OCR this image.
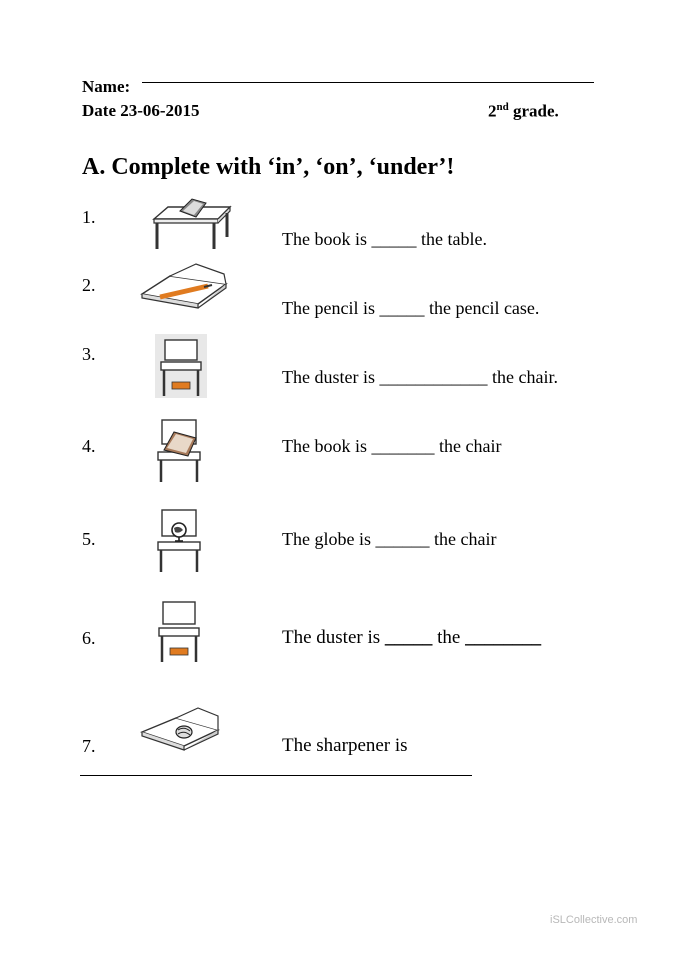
Name:
Date 23-06-2015	2nd grade.
A. Complete with ‘in’, ‘on’, ‘under’!
1.
The book is _____ the table.
2.
The pencil is _____ the pencil case.
3.
The duster is ____________ the chair.
4.	The book is _______ the chair
5.	The globe is ______ the chair
6.	The duster is _____ the ________
7.	The sharpener is
iSLCollective.com
